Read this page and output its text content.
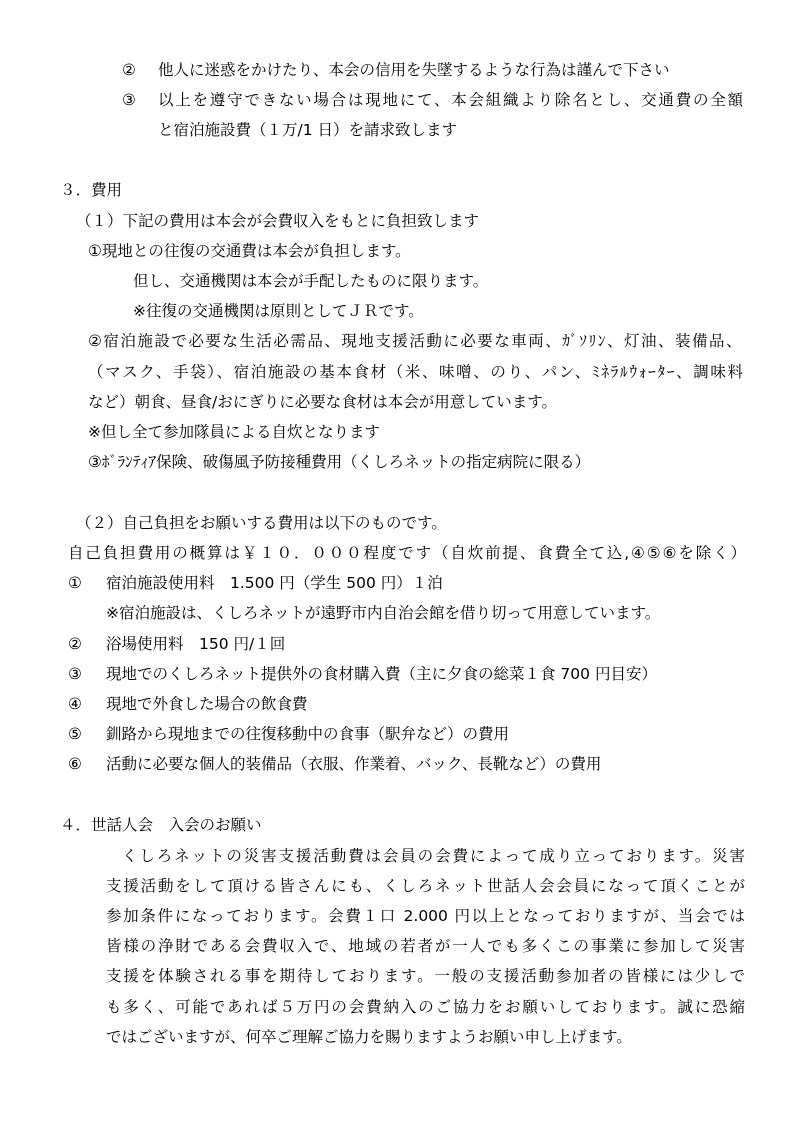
② 他人に迷惑をかけたり、本会の信用を失墜するような行為は謹んで下さい
③ 以上を遵守できない場合は現地にて、本会組織より除名とし、交通費の全額
と宿泊施設費（１万/1 日）を請求致します
３．費用
（１）下記の費用は本会が会費収入をもとに負担致します
①現地との往復の交通費は本会が負担します。
但し、交通機関は本会が手配したものに限ります。
※往復の交通機関は原則としてＪＲです。
②宿泊施設で必要な生活必需品、現地支援活動に必要な車両、ｶﾞｿﾘﾝ、灯油、装備品、
（マスク、手袋）、宿泊施設の基本食材（米、味噌、のり、パン、ﾐﾈﾗﾙｳｫｰﾀｰ、調味料
など）朝食、昼食/おにぎりに必要な食材は本会が用意しています。
※但し全て参加隊員による自炊となります
③ﾎﾞﾗﾝﾃｨｱ保険、破傷風予防接種費用（くしろネットの指定病院に限る）
（２）自己負担をお願いする費用は以下のものです。
自己負担費用の概算は￥１０．０００程度です（自炊前提、食費全て込,④⑤⑥を除く）
① 宿泊施設使用料　1.500 円（学生 500 円）１泊
※宿泊施設は、くしろネットが遠野市内自治会館を借り切って用意しています。
② 浴場使用料　150 円/１回
③ 現地でのくしろネット提供外の食材購入費（主に夕食の総菜１食 700 円目安）
④ 現地で外食した場合の飲食費
⑤ 釧路から現地までの往復移動中の食事（駅弁など）の費用
⑥ 活動に必要な個人的装備品（衣服、作業着、バック、長靴など）の費用
４．世話人会　入会のお願い
くしろネットの災害支援活動費は会員の会費によって成り立っております。災害
支援活動をして頂ける皆さんにも、くしろネット世話人会会員になって頂くことが
参加条件になっております。会費１口 2.000 円以上となっておりますが、当会では
皆様の浄財である会費収入で、地域の若者が一人でも多くこの事業に参加して災害
支援を体験される事を期待しております。一般の支援活動参加者の皆様には少しで
も多く、可能であれば５万円の会費納入のご協力をお願いしております。誠に恐縮
ではございますが、何卒ご理解ご協力を賜りますようお願い申し上げます。
